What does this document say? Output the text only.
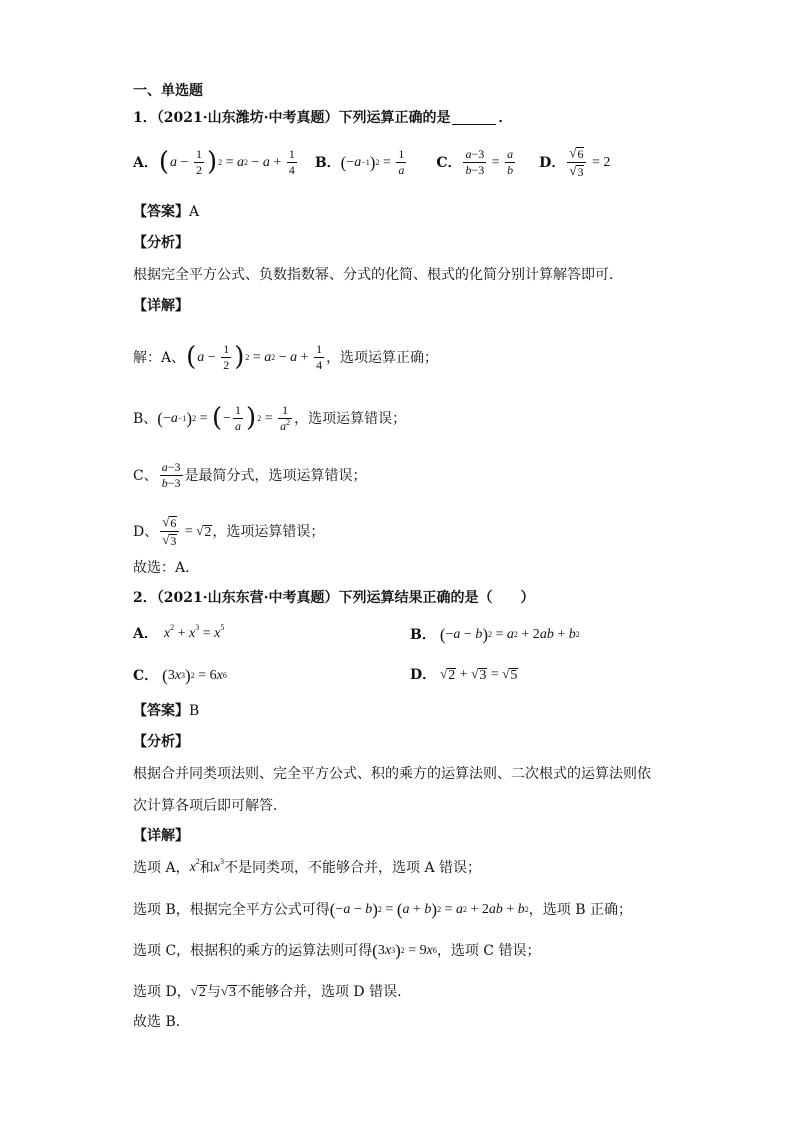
一、单选题
1．（2021·山东潍坊·中考真题）下列运算正确的是	．
A． ( $a - \frac{1}{2}$ ) 2 = a $2 - a + \frac{1}{4}$ B． ( − a −1 ) $2 = \frac{1}{a}$ C． $\frac{a-3}{b-3} = \frac{a}{b}$ D． $\frac{√ 6}{√ 3} = 2$
【答案】 A
【分析】
根据完全平方公式、负数指数幂、分式的化简、根式的化简分别计算解答即可．
【详解】
解：A、 ( $a - \frac{1}{2}$ ) 2 = a $2 - a + \frac{1}{4}$ ，选项运算正确；
B、 ( − a −1 ) 2 = ( − $\frac{1}{a}$ ) $2 = \frac{1}{a^2}$ ，选项运算错误；
C、 $\frac{a-3}{b-3}$ 是最简分式，选项运算错误；
D、 $\frac{√ 6}{√ 3}$ = √ 2 ，选项运算错误；
故选：A．
2．（2021·山东东营·中考真题）下列运算结果正确的是（　　）
A． $x^2 + x^3 = x^5$	B． ( − a − b ) 2 = a 2 + 2 ab + b 2
C． ( 3 x 3 ) 2 = 6 x 6	D． √ 2 + √ 3 = √ 5
【答案】 B
【分析】
根据合并同类项法则、完全平方公式、积的乘方的运算法则、二次根式的运算法则依
次计算各项后即可解答．
【详解】
选项 A， $x^2$ 和 $x^3$ 不是同类项，不能够合并，选项 A 错误；
选项 B，根据完全平方公式可得 ( − a − b ) 2 = ( a + b ) 2 = a 2 + 2 ab + b 2 ，选项 B 正确；
选项 C，根据积的乘方的运算法则可得 ( 3 x 3 ) 2 = 9 x 6 ，选项 C 错误；
选项 D， √ 2 与 √ 3 不能够合并，选项 D 错误．
故选 B．
